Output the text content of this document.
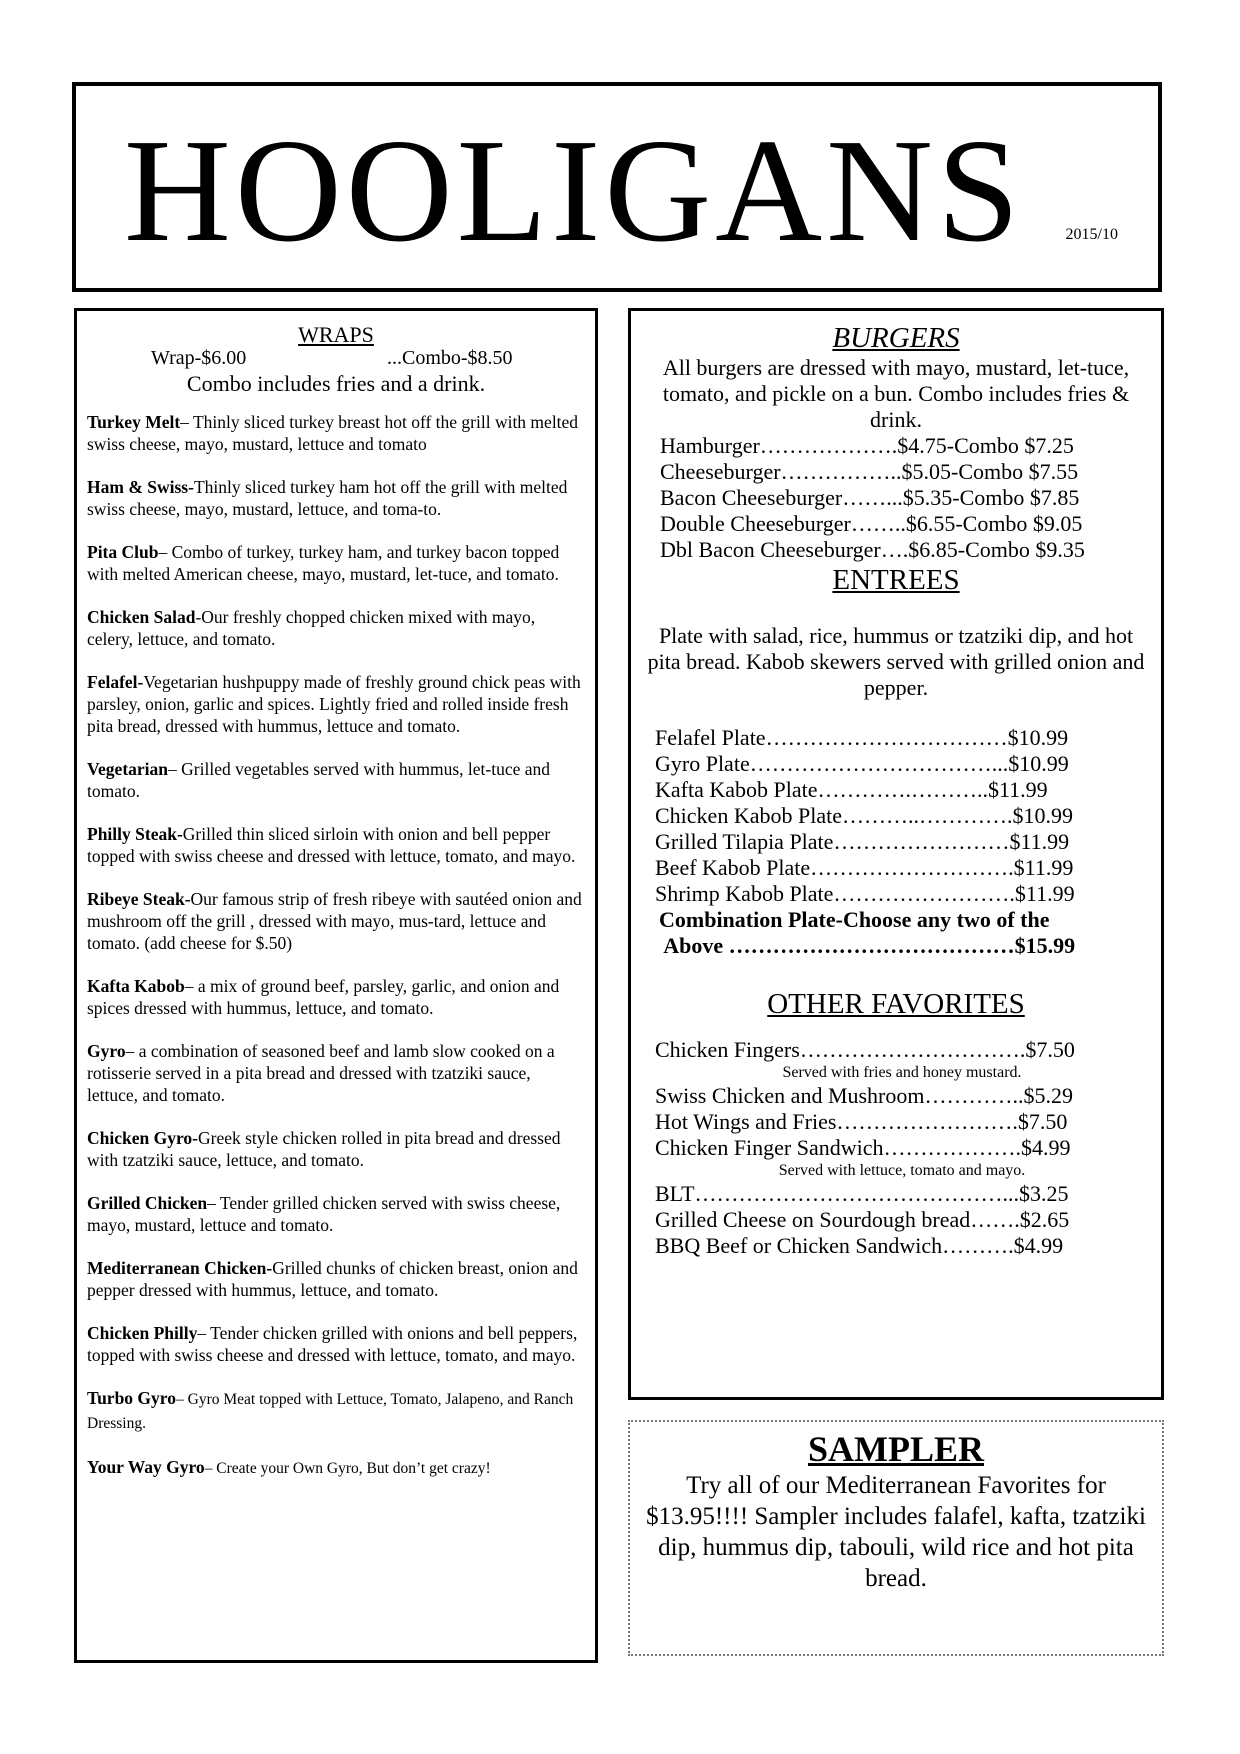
HOOLIGANS	2015/10
WRAPS
Wrap-$6.00	...Combo-$8.50
Combo includes fries and a drink.
Turkey Melt– Thinly sliced turkey breast hot off the grill with melted swiss cheese, mayo, mustard, lettuce and tomato
Ham & Swiss-Thinly sliced turkey ham hot off the grill with melted swiss cheese, mayo, mustard, lettuce, and toma-to.
Pita Club– Combo of turkey, turkey ham, and turkey bacon topped with melted American cheese, mayo, mustard, let-tuce, and tomato.
Chicken Salad-Our freshly chopped chicken mixed with mayo, celery, lettuce, and tomato.
Felafel-Vegetarian hushpuppy made of freshly ground chick peas with parsley, onion, garlic and spices. Lightly fried and rolled inside fresh pita bread, dressed with hummus, lettuce and tomato.
Vegetarian– Grilled vegetables served with hummus, let-tuce and tomato.
Philly Steak-Grilled thin sliced sirloin with onion and bell pepper topped with swiss cheese and dressed with lettuce, tomato, and mayo.
Ribeye Steak-Our famous strip of fresh ribeye with sautéed onion and mushroom off the grill , dressed with mayo, mus-tard, lettuce and tomato. (add cheese for $.50)
Kafta Kabob– a mix of ground beef, parsley, garlic, and onion and spices dressed with hummus, lettuce, and tomato.
Gyro– a combination of seasoned beef and lamb slow cooked on a rotisserie served in a pita bread and dressed with tzatziki sauce, lettuce, and tomato.
Chicken Gyro-Greek style chicken rolled in pita bread and dressed with tzatziki sauce, lettuce, and tomato.
Grilled Chicken– Tender grilled chicken served with swiss cheese, mayo, mustard, lettuce and tomato.
Mediterranean Chicken-Grilled chunks of chicken breast, onion and pepper dressed with hummus, lettuce, and tomato.
Chicken Philly– Tender chicken grilled with onions and bell peppers, topped with swiss cheese and dressed with lettuce, tomato, and mayo.
Turbo Gyro– Gyro Meat topped with Lettuce, Tomato, Jalapeno, and Ranch Dressing.
Your Way Gyro– Create your Own Gyro, But don’t get crazy!
BURGERS
All burgers are dressed with mayo, mustard, let-tuce, tomato, and pickle on a bun. Combo includes fries & drink.
Hamburger……………….$4.75-Combo $7.25
Cheeseburger……………..$5.05-Combo $7.55
Bacon Cheeseburger……...$5.35-Combo $7.85
Double Cheeseburger……..$6.55-Combo $9.05
Dbl Bacon Cheeseburger….$6.85-Combo $9.35
ENTREES
Plate with salad, rice, hummus or tzatziki dip, and hot pita bread. Kabob skewers served with grilled onion and pepper.
Felafel Plate……………………………$10.99
Gyro Plate……………………………...$10.99
Kafta Kabob Plate………….………..$11.99
Chicken Kabob Plate………..………….$10.99
Grilled Tilapia Plate……………………$11.99
Beef Kabob Plate……………………….$11.99
Shrimp Kabob Plate…………………….$11.99
Combination Plate-Choose any two of the
Above …………………………………$15.99
OTHER FAVORITES
Chicken Fingers………………………….$7.50
Served with fries and honey mustard.
Swiss Chicken and Mushroom…………..$5.29
Hot Wings and Fries…………………….$7.50
Chicken Finger Sandwich……………….$4.99
Served with lettuce, tomato and mayo.
BLT……………………………………...$3.25
Grilled Cheese on Sourdough bread…….$2.65
BBQ Beef or Chicken Sandwich……….$4.99
SAMPLER
Try all of our Mediterranean Favorites for $13.95!!!! Sampler includes falafel, kafta, tzatziki dip, hummus dip, tabouli, wild rice and hot pita bread.
